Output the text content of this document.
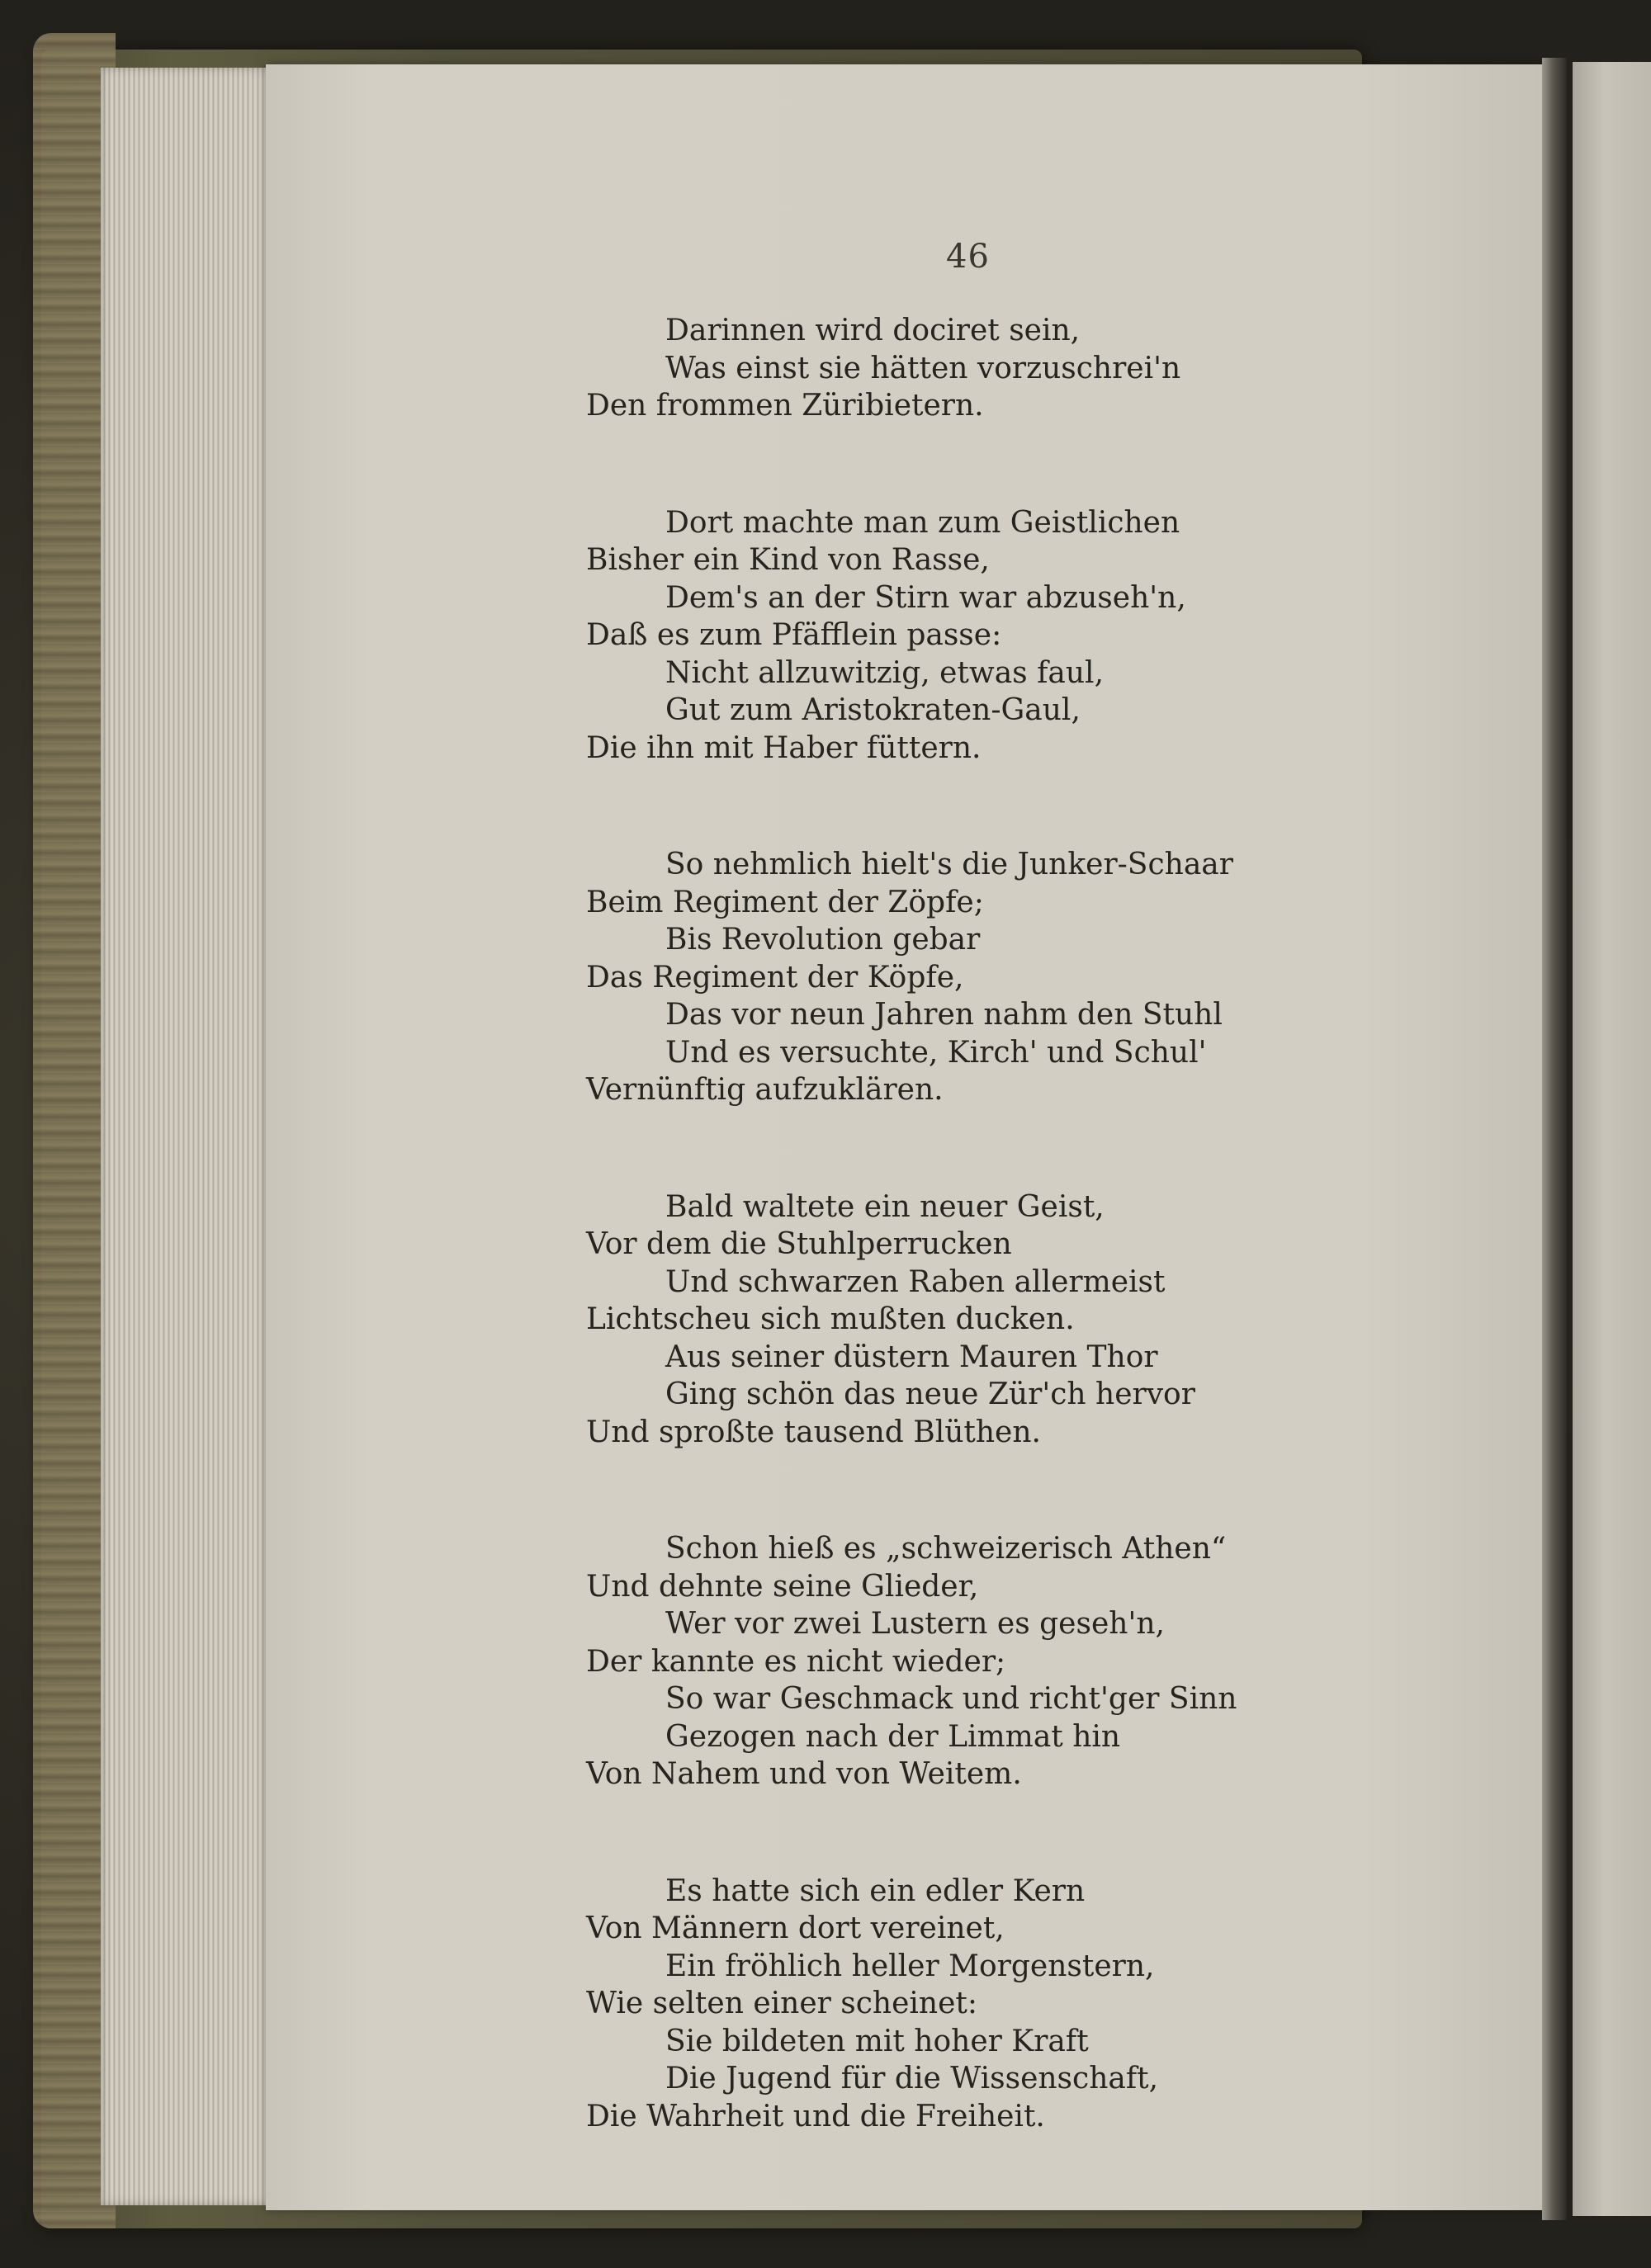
46
Darinnen wird dociret sein,
Was einst sie hätten vorzuschrei'n
Den frommen Züribietern.
Dort machte man zum Geistlichen
Bisher ein Kind von Rasse,
Dem's an der Stirn war abzuseh'n,
Daß es zum Pfäfflein passe:
Nicht allzuwitzig, etwas faul,
Gut zum Aristokraten-Gaul,
Die ihn mit Haber füttern.
So nehmlich hielt's die Junker-Schaar
Beim Regiment der Zöpfe;
Bis Revolution gebar
Das Regiment der Köpfe,
Das vor neun Jahren nahm den Stuhl
Und es versuchte, Kirch' und Schul'
Vernünftig aufzuklären.
Bald waltete ein neuer Geist,
Vor dem die Stuhlperrucken
Und schwarzen Raben allermeist
Lichtscheu sich mußten ducken.
Aus seiner düstern Mauren Thor
Ging schön das neue Zür'ch hervor
Und sproßte tausend Blüthen.
Schon hieß es „schweizerisch Athen“
Und dehnte seine Glieder,
Wer vor zwei Lustern es geseh'n,
Der kannte es nicht wieder;
So war Geschmack und richt'ger Sinn
Gezogen nach der Limmat hin
Von Nahem und von Weitem.
Es hatte sich ein edler Kern
Von Männern dort vereinet,
Ein fröhlich heller Morgenstern,
Wie selten einer scheinet:
Sie bildeten mit hoher Kraft
Die Jugend für die Wissenschaft,
Die Wahrheit und die Freiheit.
